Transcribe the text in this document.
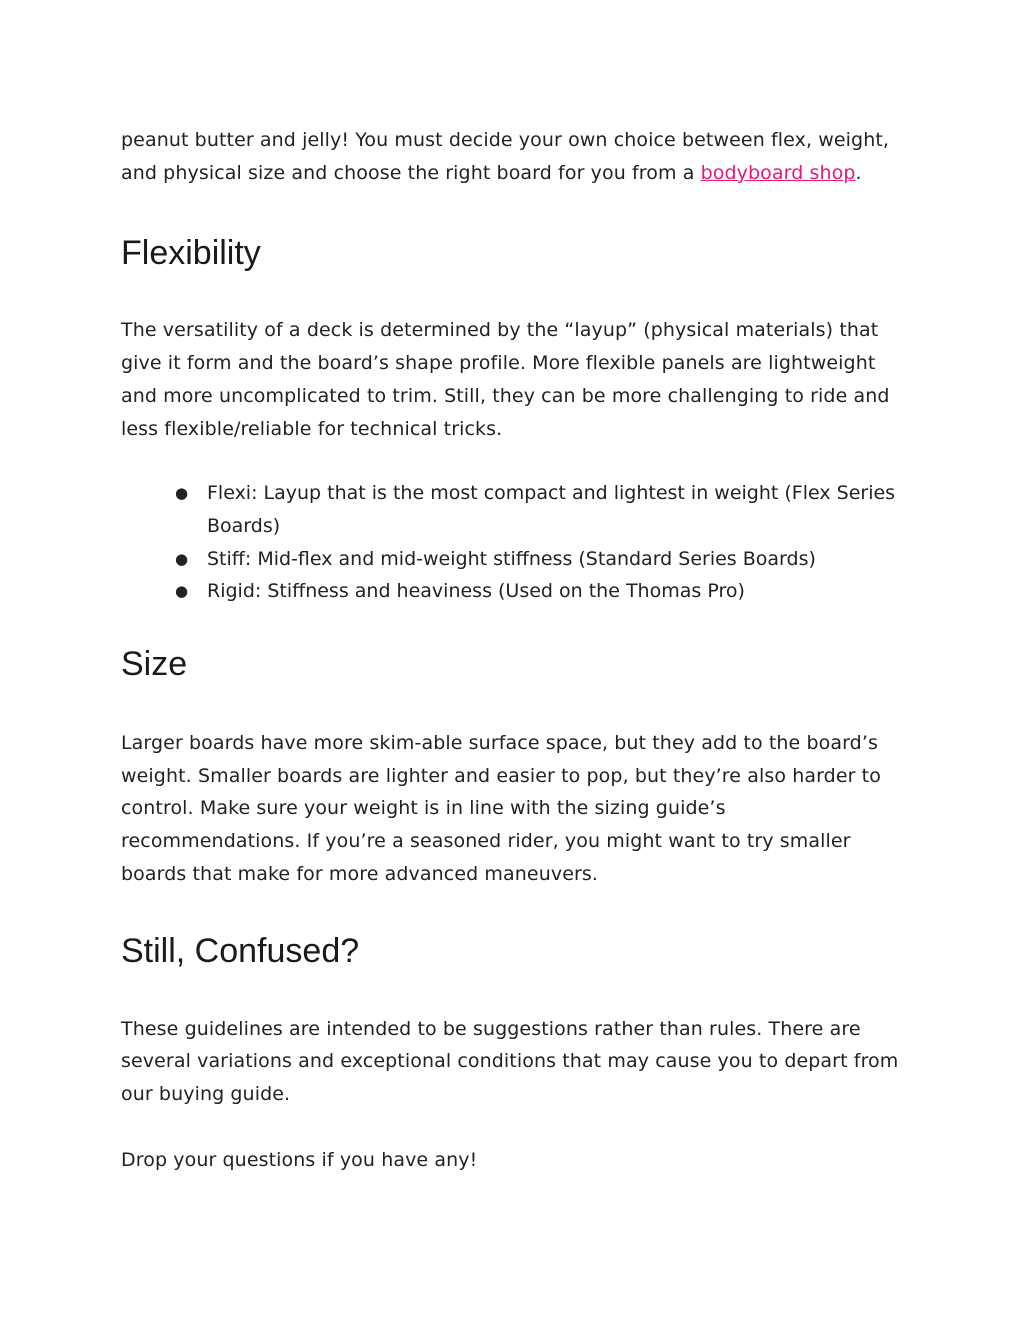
peanut butter and jelly! You must decide your own choice between flex, weight, and physical size and choose the right board for you from a bodyboard shop.

Flexibility

The versatility of a deck is determined by the “layup” (physical materials) that give it form and the board’s shape profile. More flexible panels are lightweight and more uncomplicated to trim. Still, they can be more challenging to ride and less flexible/reliable for technical tricks.

● Flexi: Layup that is the most compact and lightest in weight (Flex Series Boards)
● Stiff: Mid-flex and mid-weight stiffness (Standard Series Boards)
● Rigid: Stiffness and heaviness (Used on the Thomas Pro)
Size

Larger boards have more skim-able surface space, but they add to the board’s weight. Smaller boards are lighter and easier to pop, but they’re also harder to control. Make sure your weight is in line with the sizing guide’s recommendations. If you’re a seasoned rider, you might want to try smaller boards that make for more advanced maneuvers.

Still, Confused?

These guidelines are intended to be suggestions rather than rules. There are several variations and exceptional conditions that may cause you to depart from our buying guide.

Drop your questions if you have any!
